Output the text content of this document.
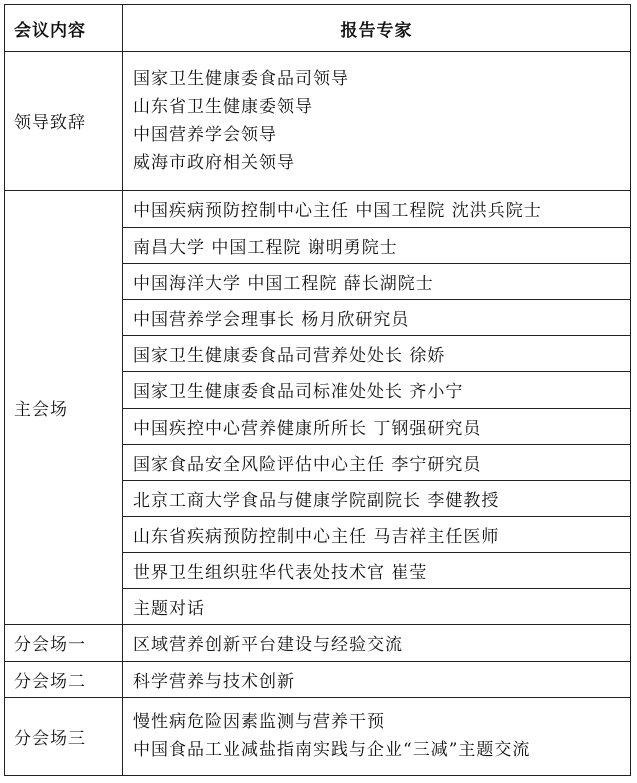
会议内容	报告专家
领导致辞	国家卫生健康委食品司领导
山东省卫生健康委领导
中国营养学会领导
威海市政府相关领导

主会场	中国疾病预防控制中心主任 中国工程院 沈洪兵院士
	南昌大学 中国工程院 谢明勇院士
	中国海洋大学 中国工程院 薛长湖院士
	中国营养学会理事长 杨月欣研究员
	国家卫生健康委食品司营养处处长 徐娇
	国家卫生健康委食品司标准处处长 齐小宁
	中国疾控中心营养健康所所长 丁钢强研究员
	国家食品安全风险评估中心主任 李宁研究员
	北京工商大学食品与健康学院副院长 李健教授
	山东省疾病预防控制中心主任 马吉祥主任医师
	世界卫生组织驻华代表处技术官 崔莹
	主题对话
分会场一	区域营养创新平台建设与经验交流
分会场二	科学营养与技术创新
分会场三	慢性病危险因素监测与营养干预
中国食品工业减盐指南实践与企业“三减”主题交流
